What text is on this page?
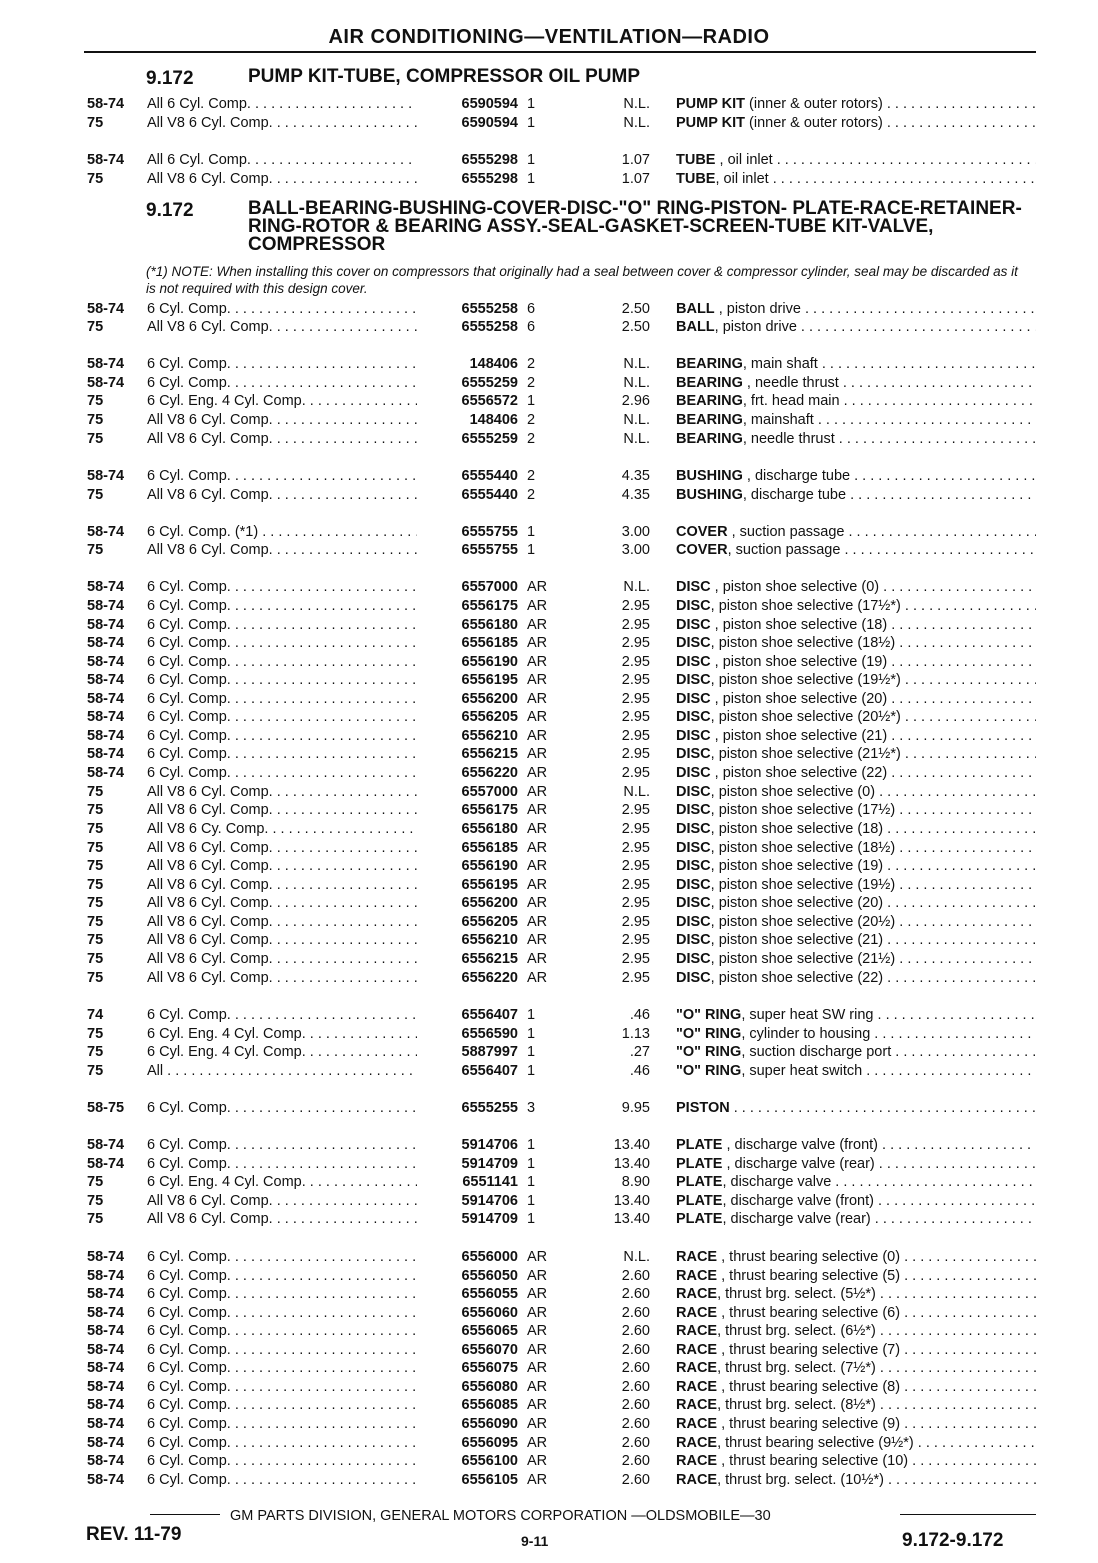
AIR CONDITIONING—VENTILATION—RADIO
9.172	PUMP KIT-TUBE, COMPRESSOR OIL PUMP
9.172	BALL-BEARING-BUSHING-COVER-DISC-"O" RING-PISTON- PLATE-RACE-RETAINER-RING-ROTOR & BEARING ASSY.-SEAL-GASKET-SCREEN-TUBE KIT-VALVE, COMPRESSOR
(*1) NOTE: When installing this cover on compressors that originally had a seal between cover & compressor cylinder, seal may be discarded as it is not required with this design cover.
58-74 All 6 Cyl. Comp. . . .	6590594 1	N.L. PUMP KIT (inner & outer rotors) . . .
75	All V8 6 Cyl. Comp. . . .	6590594 1	N.L. PUMP KIT (inner & outer rotors) . . .
58-74 All 6 Cyl. Comp. . . .	6555298 1	1.07 TUBE , oil inlet . . .
75	All V8 6 Cyl. Comp. . . .	6555298 1	1.07 TUBE, oil inlet . . .
58-74 6 Cyl. Comp. . . .	6555258 6	2.50 BALL , piston drive . . .
75	All V8 6 Cyl. Comp. . . .	6555258 6	2.50 BALL, piston drive . . .
58-74 6 Cyl. Comp. . . .	148406 2	N.L. BEARING, main shaft . . .
58-74 6 Cyl. Comp. . . .	6555259 2	N.L. BEARING , needle thrust . . .
75	6 Cyl. Eng. 4 Cyl. Comp. . . .	6556572 1	2.96 BEARING, frt. head main . . .
75	All V8 6 Cyl. Comp. . . .	148406 2	N.L. BEARING, mainshaft . . .
75	All V8 6 Cyl. Comp. . . .	6555259 2	N.L. BEARING, needle thrust . . .
58-74 6 Cyl. Comp. . . .	6555440 2	4.35 BUSHING , discharge tube . . .
75	All V8 6 Cyl. Comp. . . .	6555440 2	4.35 BUSHING, discharge tube . . .
58-74 6 Cyl. Comp. (*1) . . .	6555755 1	3.00 COVER , suction passage . . .
75	All V8 6 Cyl. Comp. . . .	6555755 1	3.00 COVER, suction passage . . .
58-74 6 Cyl. Comp. . . .	6557000 AR	N.L. DISC , piston shoe selective (0) . . .
58-74 6 Cyl. Comp. . . .	6556175 AR	2.95 DISC, piston shoe selective (17½*) . . .
58-74 6 Cyl. Comp. . . .	6556180 AR	2.95 DISC , piston shoe selective (18) . . .
58-74 6 Cyl. Comp. . . .	6556185 AR	2.95 DISC, piston shoe selective (18½) . . .
58-74 6 Cyl. Comp. . . .	6556190 AR	2.95 DISC , piston shoe selective (19) . . .
58-74 6 Cyl. Comp. . . .	6556195 AR	2.95 DISC, piston shoe selective (19½*) . . .
58-74 6 Cyl. Comp. . . .	6556200 AR	2.95 DISC , piston shoe selective (20) . . .
58-74 6 Cyl. Comp. . . .	6556205 AR	2.95 DISC, piston shoe selective (20½*) . . .
58-74 6 Cyl. Comp. . . .	6556210 AR	2.95 DISC , piston shoe selective (21) . . .
58-74 6 Cyl. Comp. . . .	6556215 AR	2.95 DISC, piston shoe selective (21½*) . . .
58-74 6 Cyl. Comp. . . .	6556220 AR	2.95 DISC , piston shoe selective (22) . . .
75	All V8 6 Cyl. Comp. . . .	6557000 AR	N.L. DISC, piston shoe selective (0) . . .
75	All V8 6 Cyl. Comp. . . .	6556175 AR	2.95 DISC, piston shoe selective (17½) . . .
75	All V8 6 Cy. Comp. . . .	6556180 AR	2.95 DISC, piston shoe selective (18) . . .
75	All V8 6 Cyl. Comp. . . .	6556185 AR	2.95 DISC, piston shoe selective (18½) . . .
75	All V8 6 Cyl. Comp. . . .	6556190 AR	2.95 DISC, piston shoe selective (19) . . .
75	All V8 6 Cyl. Comp. . . .	6556195 AR	2.95 DISC, piston shoe selective (19½) . . .
75	All V8 6 Cyl. Comp. . . .	6556200 AR	2.95 DISC, piston shoe selective (20) . . .
75	All V8 6 Cyl. Comp. . . .	6556205 AR	2.95 DISC, piston shoe selective (20½) . . .
75	All V8 6 Cyl. Comp. . . .	6556210 AR	2.95 DISC, piston shoe selective (21) . . .
75	All V8 6 Cyl. Comp. . . .	6556215 AR	2.95 DISC, piston shoe selective (21½) . . .
75	All V8 6 Cyl. Comp. . . .	6556220 AR	2.95 DISC, piston shoe selective (22) . . .
74	6 Cyl. Comp. . . .	6556407 1	.46 "O" RING, super heat SW ring . . .
75	6 Cyl. Eng. 4 Cyl. Comp. . . .	6556590 1	1.13 "O" RING, cylinder to housing . . .
75	6 Cyl. Eng. 4 Cyl. Comp. . . .	5887997 1	.27 "O" RING, suction discharge port . . .
75	All . . .	6556407 1	.46 "O" RING, super heat switch . . .
58-75 6 Cyl. Comp. . . .	6555255 3	9.95 PISTON . . .
58-74 6 Cyl. Comp. . . .	5914706 1	13.40 PLATE , discharge valve (front) . . .
58-74 6 Cyl. Comp. . . .	5914709 1	13.40 PLATE , discharge valve (rear) . . .
75	6 Cyl. Eng. 4 Cyl. Comp. . . .	6551141 1	8.90 PLATE, discharge valve . . .
75	All V8 6 Cyl. Comp. . . .	5914706 1	13.40 PLATE, discharge valve (front) . . .
75	All V8 6 Cyl. Comp. . . .	5914709 1	13.40 PLATE, discharge valve (rear) . . .
58-74 6 Cyl. Comp. . . .	6556000 AR	N.L. RACE , thrust bearing selective (0) . . .
58-74 6 Cyl. Comp. . . .	6556050 AR	2.60 RACE , thrust bearing selective (5) . . .
58-74 6 Cyl. Comp. . . .	6556055 AR	2.60 RACE, thrust brg. select. (5½*) . . .
58-74 6 Cyl. Comp. . . .	6556060 AR	2.60 RACE , thrust bearing selective (6) . . .
58-74 6 Cyl. Comp. . . .	6556065 AR	2.60 RACE, thrust brg. select. (6½*) . . .
58-74 6 Cyl. Comp. . . .	6556070 AR	2.60 RACE , thrust bearing selective (7) . . .
58-74 6 Cyl. Comp. . . .	6556075 AR	2.60 RACE, thrust brg. select. (7½*) . . .
58-74 6 Cyl. Comp. . . .	6556080 AR	2.60 RACE , thrust bearing selective (8) . . .
58-74 6 Cyl. Comp. . . .	6556085 AR	2.60 RACE, thrust brg. select. (8½*) . . .
58-74 6 Cyl. Comp. . . .	6556090 AR	2.60 RACE , thrust bearing selective (9) . . .
58-74 6 Cyl. Comp. . . .	6556095 AR	2.60 RACE, thrust bearing selective (9½*) . . .
58-74 6 Cyl. Comp. . . .	6556100 AR	2.60 RACE , thrust bearing selective (10) . . .
58-74 6 Cyl. Comp. . . .	6556105 AR	2.60 RACE, thrust brg. select. (10½*) . . .
GM PARTS DIVISION, GENERAL MOTORS CORPORATION —OLDSMOBILE—30
REV. 11-79	9-11	9.172-9.172
